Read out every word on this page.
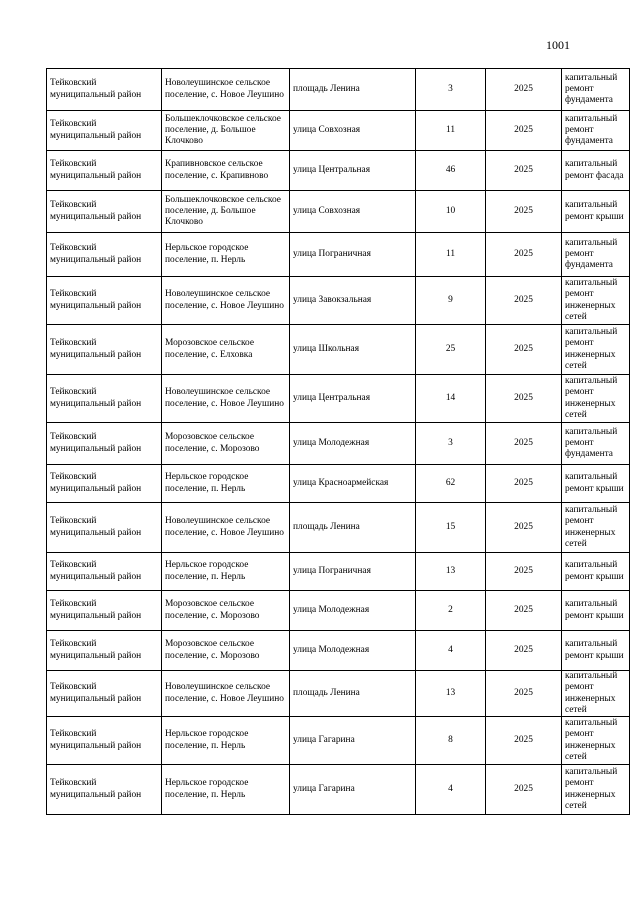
1001
Тейковский муниципальный район	Новолеушинское сельское поселение, с. Новое Леушино	площадь Ленина	3	2025	капитальный ремонт фундамента
Тейковский муниципальный район	Большеклочковское сельское поселение, д. Большое Клочково	улица Совхозная	11	2025	капитальный ремонт фундамента
Тейковский муниципальный район	Крапивновское сельское поселение, с. Крапивново	улица Центральная	46	2025	капитальный ремонт фасада
Тейковский муниципальный район	Большеклочковское сельское поселение, д. Большое Клочково	улица Совхозная	10	2025	капитальный ремонт крыши
Тейковский муниципальный район	Нерльское городское поселение, п. Нерль	улица Пограничная	11	2025	капитальный ремонт фундамента
Тейковский муниципальный район	Новолеушинское сельское поселение, с. Новое Леушино	улица Завокзальная	9	2025	капитальный ремонт инженерных сетей
Тейковский муниципальный район	Морозовское сельское поселение, с. Елховка	улица Школьная	25	2025	капитальный ремонт инженерных сетей
Тейковский муниципальный район	Новолеушинское сельское поселение, с. Новое Леушино	улица Центральная	14	2025	капитальный ремонт инженерных сетей
Тейковский муниципальный район	Морозовское сельское поселение, с. Морозово	улица Молодежная	3	2025	капитальный ремонт фундамента
Тейковский муниципальный район	Нерльское городское поселение, п. Нерль	улица Красноармейская	62	2025	капитальный ремонт крыши
Тейковский муниципальный район	Новолеушинское сельское поселение, с. Новое Леушино	площадь Ленина	15	2025	капитальный ремонт инженерных сетей
Тейковский муниципальный район	Нерльское городское поселение, п. Нерль	улица Пограничная	13	2025	капитальный ремонт крыши
Тейковский муниципальный район	Морозовское сельское поселение, с. Морозово	улица Молодежная	2	2025	капитальный ремонт крыши
Тейковский муниципальный район	Морозовское сельское поселение, с. Морозово	улица Молодежная	4	2025	капитальный ремонт крыши
Тейковский муниципальный район	Новолеушинское сельское поселение, с. Новое Леушино	площадь Ленина	13	2025	капитальный ремонт инженерных сетей
Тейковский муниципальный район	Нерльское городское поселение, п. Нерль	улица Гагарина	8	2025	капитальный ремонт инженерных сетей
Тейковский муниципальный район	Нерльское городское поселение, п. Нерль	улица Гагарина	4	2025	капитальный ремонт инженерных сетей
